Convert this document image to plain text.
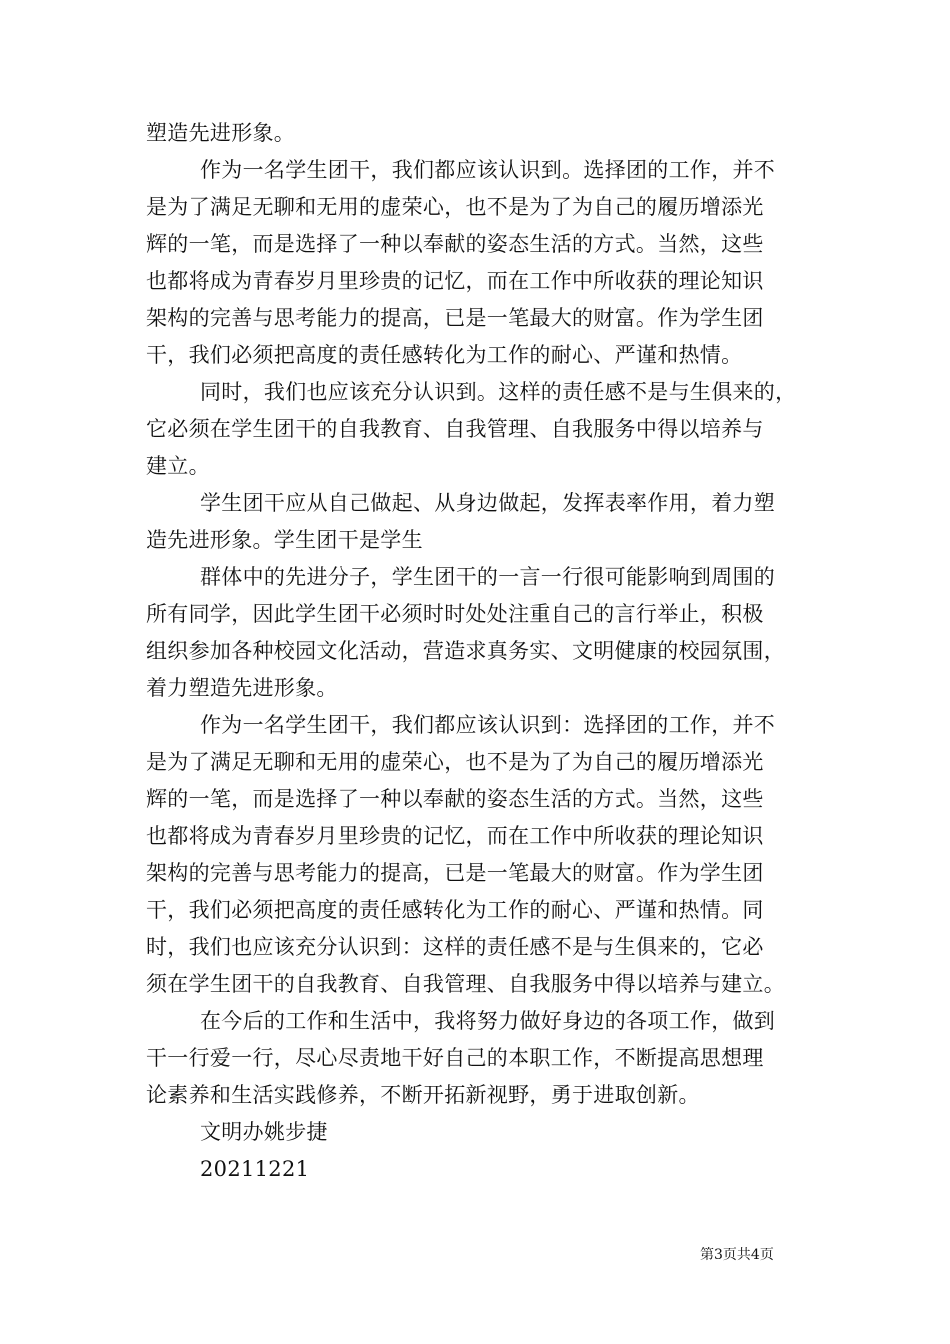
塑造先进形象。
作为一名学生团干，我们都应该认识到。选择团的工作，并不
是为了满足无聊和无用的虚荣心，也不是为了为自己的履历增添光
辉的一笔，而是选择了一种以奉献的姿态生活的方式。当然，这些
也都将成为青春岁月里珍贵的记忆，而在工作中所收获的理论知识
架构的完善与思考能力的提高，已是一笔最大的财富。作为学生团
干，我们必须把高度的责任感转化为工作的耐心、严谨和热情。
同时，我们也应该充分认识到。这样的责任感不是与生俱来的，
它必须在学生团干的自我教育、自我管理、自我服务中得以培养与
建立。
学生团干应从自己做起、从身边做起，发挥表率作用，着力塑
造先进形象。学生团干是学生
群体中的先进分子，学生团干的一言一行很可能影响到周围的
所有同学，因此学生团干必须时时处处注重自己的言行举止，积极
组织参加各种校园文化活动，营造求真务实、文明健康的校园氛围，
着力塑造先进形象。
作为一名学生团干，我们都应该认识到：选择团的工作，并不
是为了满足无聊和无用的虚荣心，也不是为了为自己的履历增添光
辉的一笔，而是选择了一种以奉献的姿态生活的方式。当然，这些
也都将成为青春岁月里珍贵的记忆，而在工作中所收获的理论知识
架构的完善与思考能力的提高，已是一笔最大的财富。作为学生团
干，我们必须把高度的责任感转化为工作的耐心、严谨和热情。同
时，我们也应该充分认识到：这样的责任感不是与生俱来的，它必
须在学生团干的自我教育、自我管理、自我服务中得以培养与建立。
在今后的工作和生活中，我将努力做好身边的各项工作，做到
干一行爱一行，尽心尽责地干好自己的本职工作，不断提高思想理
论素养和生活实践修养，不断开拓新视野，勇于进取创新。
文明办姚步捷
20211221
第3页共4页
